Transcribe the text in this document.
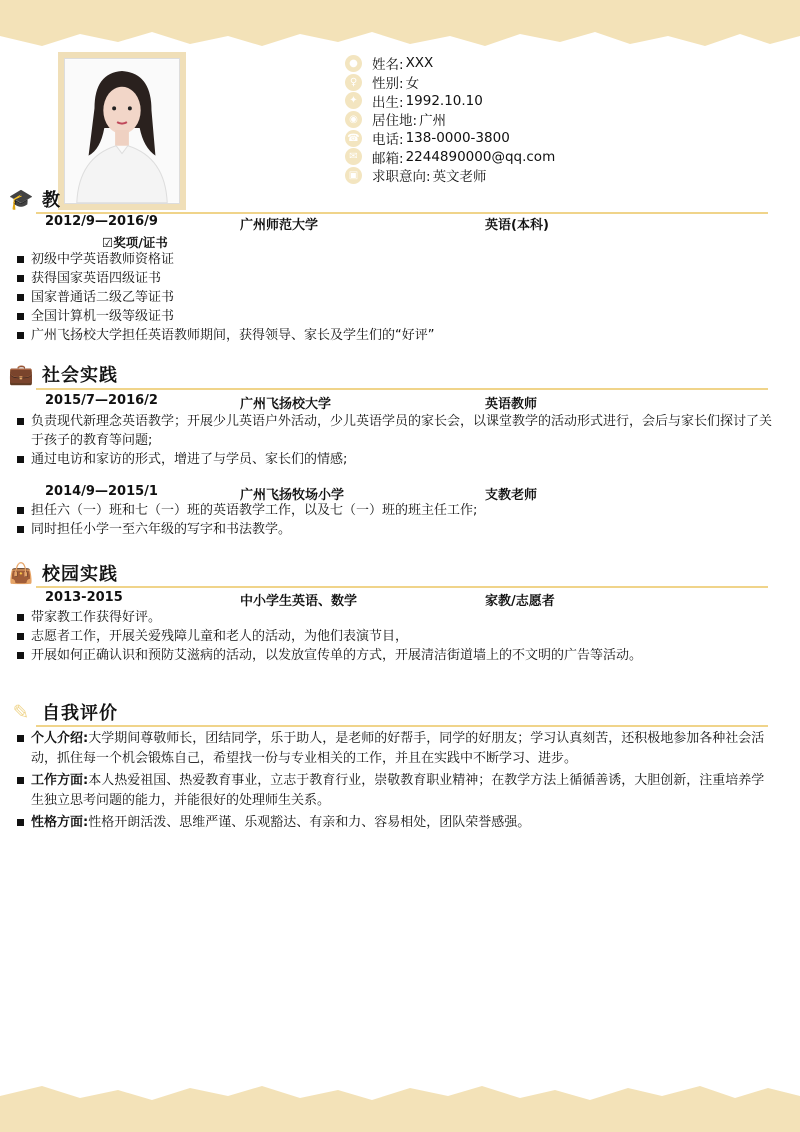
●	姓名: XXX
♀	性别: 女
✦	出生: 1992.10.10
◉	居住地: 广州
☎ 电话: 138-0000-3800
✉	邮箱: 2244890000@qq.com
▣ 求职意向: 英文老师
🎓 教
2012/9—2016/9	广州师范大学	英语(本科)
☑奖项/证书
初级中学英语教师资格证
获得国家英语四级证书
国家普通话二级乙等证书
全国计算机一级等级证书
广州飞扬校大学担任英语教师期间，获得领导、家长及学生们的“好评”
💼 社会实践
2015/7—2016/2	广州飞扬校大学	英语教师
负责现代新理念英语教学；开展少儿英语户外活动，少儿英语学员的家长会，以课堂教学的活动形式进行，会后与家长们探讨了关于孩子的教育等问题;
通过电访和家访的形式，增进了与学员、家长们的情感;
2014/9—2015/1	广州飞扬牧场小学	支教老师
担任六（一）班和七（一）班的英语教学工作，以及七（一）班的班主任工作;
同时担任小学一至六年级的写字和书法教学。
👜 校园实践
2013-2015	中小学生英语、数学	家教/志愿者
带家教工作获得好评。
志愿者工作，开展关爱残障儿童和老人的活动，为他们表演节目，
开展如何正确认识和预防艾滋病的活动，以发放宣传单的方式，开展清洁街道墙上的不文明的广告等活动。
✎ 自我评价
个人介绍:大学期间尊敬师长，团结同学，乐于助人，是老师的好帮手，同学的好朋友；学习认真刻苦，还积极地参加各种社会活动，抓住每一个机会锻炼自己，希望找一份与专业相关的工作，并且在实践中不断学习、进步。
工作方面:本人热爱祖国、热爱教育事业，立志于教育行业，崇敬教育职业精神；在教学方法上循循善诱，大胆创新，注重培养学生独立思考问题的能力，并能很好的处理师生关系。
性格方面:性格开朗活泼、思维严谨、乐观豁达、有亲和力、容易相处，团队荣誉感强。
